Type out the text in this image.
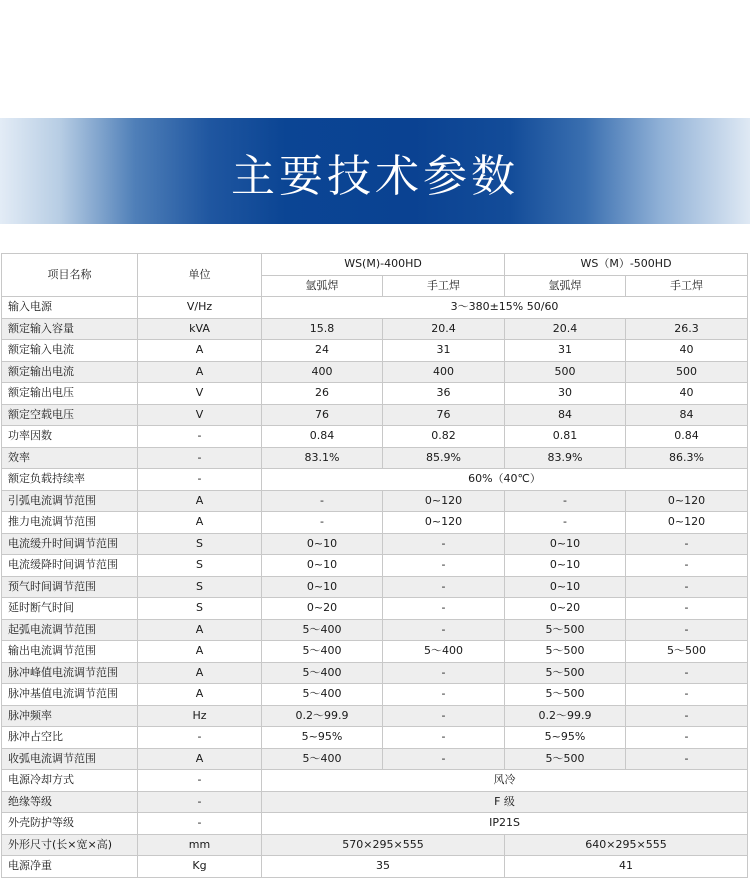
主要技术参数
项目名称	单位	WS(M)-400HD		WS（M）-500HD	
		氩弧焊	手工焊	氩弧焊	手工焊
输入电源	V/Hz	3～380±15% 50/60			
额定输入容量	kVA	15.8	20.4	20.4	26.3
额定输入电流	A	24	31	31	40
额定输出电流	A	400	400	500	500
额定输出电压	V	26	36	30	40
额定空载电压	V	76	76	84	84
功率因数	-	0.84	0.82	0.81	0.84
效率	-	83.1%	85.9%	83.9%	86.3%
额定负载持续率	-	60%（40℃）			
引弧电流调节范围	A	-	0~120	-	0~120
推力电流调节范围	A	-	0~120	-	0~120
电流缓升时间调节范围	S	0~10	-	0~10	-
电流缓降时间调节范围	S	0~10	-	0~10	-
预气时间调节范围	S	0~10	-	0~10	-
延时断气时间	S	0~20	-	0~20	-
起弧电流调节范围	A	5～400	-	5～500	-
输出电流调节范围	A	5～400	5～400	5～500	5～500
脉冲峰值电流调节范围	A	5～400	-	5～500	-
脉冲基值电流调节范围	A	5～400	-	5～500	-
脉冲频率	Hz	0.2～99.9	-	0.2～99.9	-
脉冲占空比	-	5~95%	-	5~95%	-
收弧电流调节范围	A	5～400	-	5～500	-
电源冷却方式	-	风冷			
绝缘等级	-	F 级			
外壳防护等级	-	IP21S			
外形尺寸(长×宽×高)	mm	570×295×555		640×295×555	
电源净重	Kg	35		41	
